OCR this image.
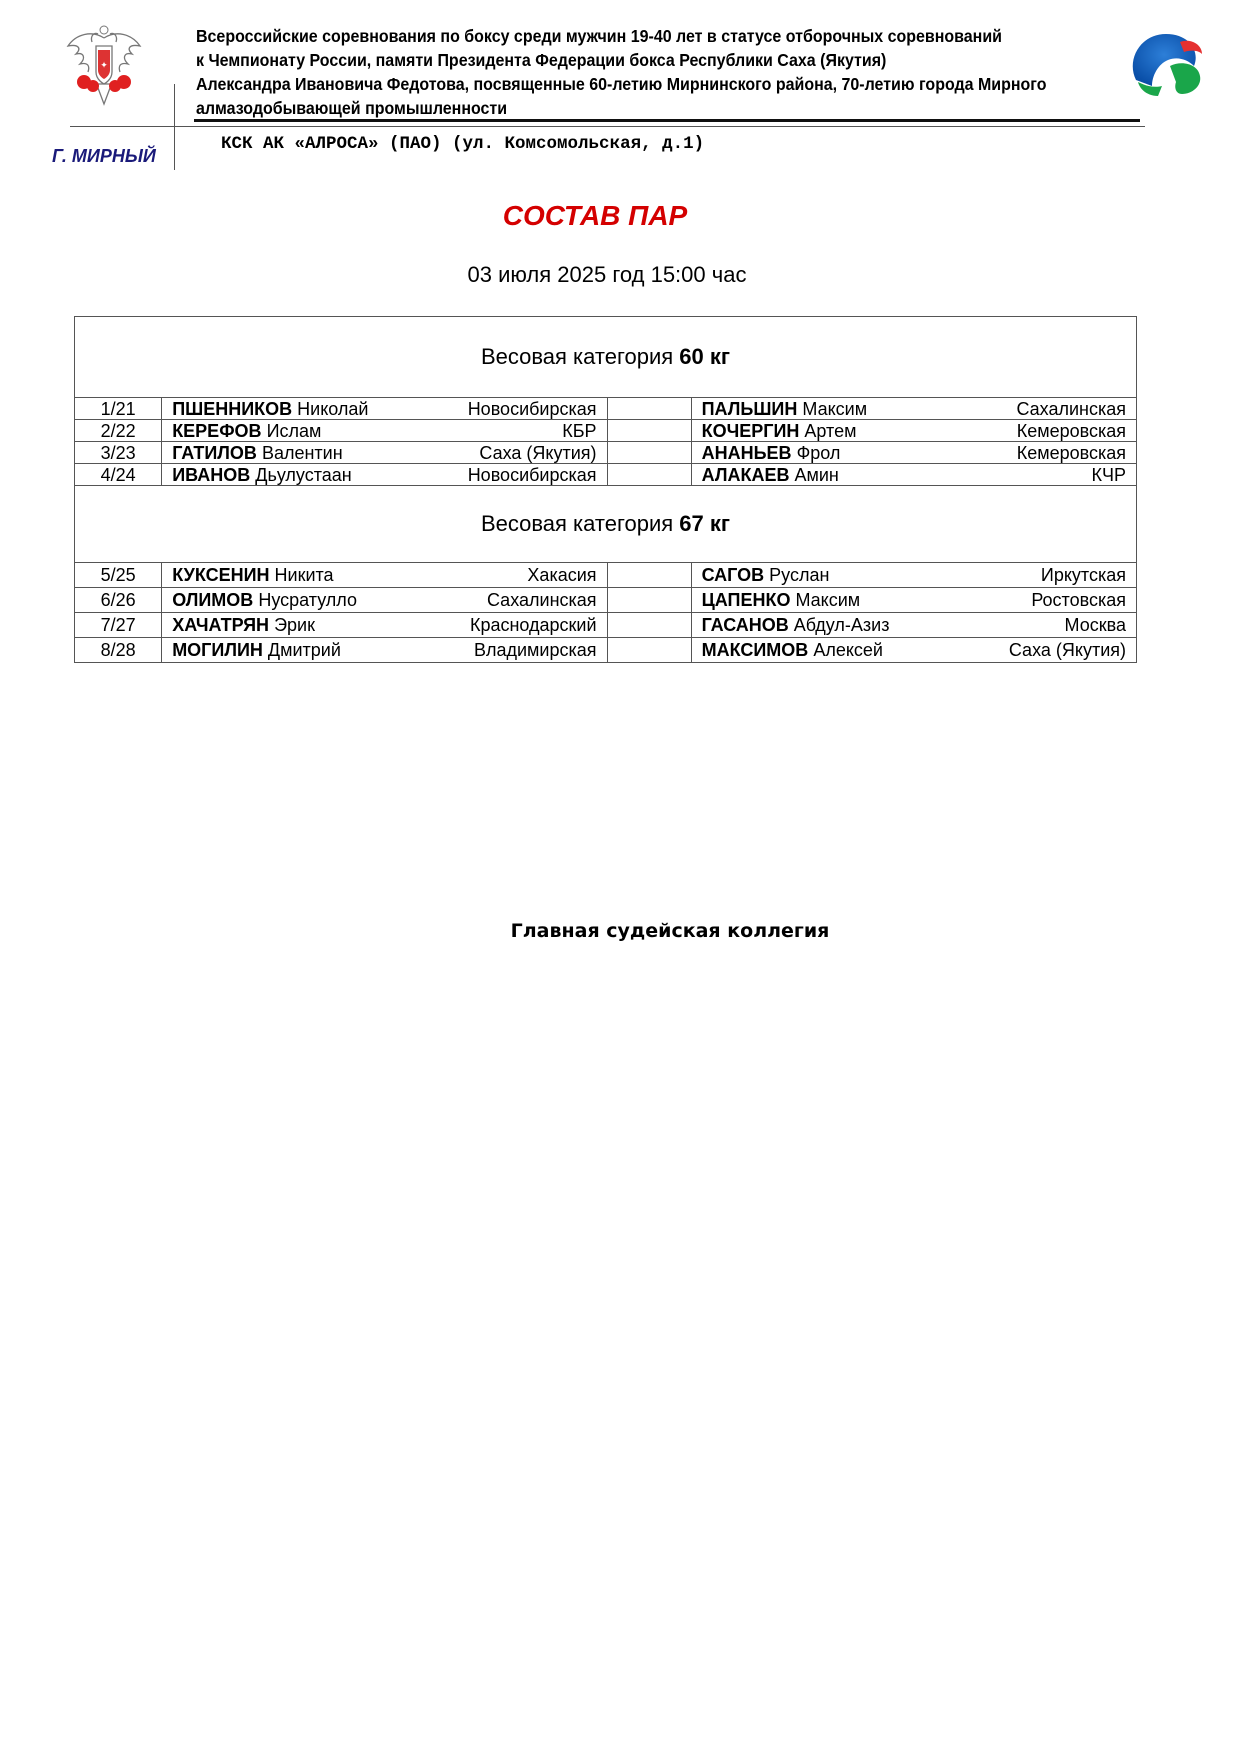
✦
Всероссийские соревнования по боксу среди мужчин 19-40 лет в статусе отборочных соревнований
к Чемпионату России, памяти Президента Федерации бокса Республики Саха (Якутия)
Александра Ивановича Федотова, посвященные 60-летию Мирнинского района, 70-летию города Мирного
алмазодобывающей промышленности
Г. МИРНЫЙ
КСК АК «АЛРОСА» (ПАО) (ул. Комсомольская, д.1)
СОСТАВ ПАР
03 июля 2025 год 15:00 час
Весовая категория 60 кг			
1/21	ПШЕННИКОВ Николай Новосибирская		ПАЛЬШИН Максим Сахалинская

2/22	КЕРЕФОВ Ислам КБР		КОЧЕРГИН Артем Кемеровская

3/23	ГАТИЛОВ Валентин Саха (Якутия)		АНАНЬЕВ Фрол Кемеровская

4/24	ИВАНОВ Дьулустаан Новосибирская		АЛАКАЕВ Амин КЧР

Весовая категория 67 кг			
5/25	КУКСЕНИН Никита Хакасия		САГОВ Руслан Иркутская

6/26	ОЛИМОВ Нусратулло Сахалинская		ЦАПЕНКО Максим Ростовская

7/27	ХАЧАТРЯН Эрик Краснодарский		ГАСАНОВ Абдул-Азиз Москва

8/28	МОГИЛИН Дмитрий Владимирская		МАКСИМОВ Алексей Саха (Якутия)
Главная судейская коллегия
